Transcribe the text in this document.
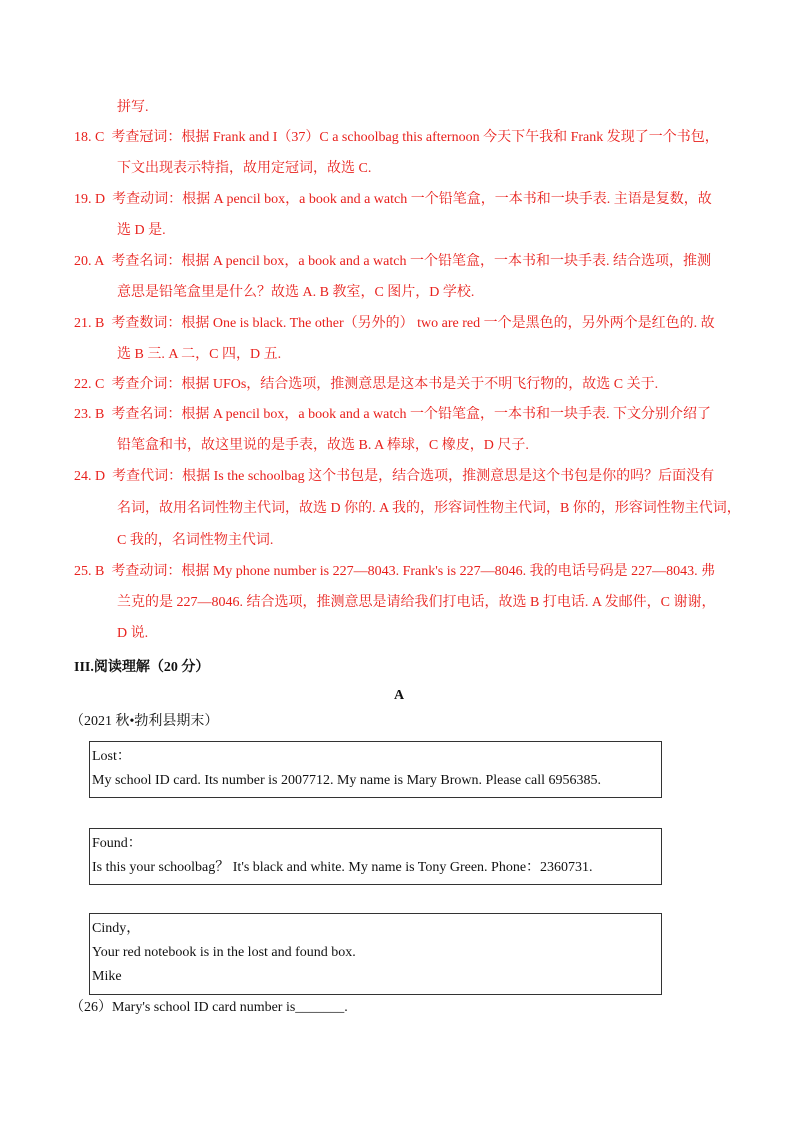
拼写.
18. C 考查冠词：根据 Frank and I（37）C a schoolbag this afternoon 今天下午我和 Frank 发现了一个书包，
下文出现表示特指，故用定冠词，故选 C.
19. D 考查动词：根据 A pencil box，a book and a watch 一个铅笔盒，一本书和一块手表. 主语是复数，故
选 D 是.
20. A 考查名词：根据 A pencil box，a book and a watch 一个铅笔盒，一本书和一块手表. 结合选项，推测
意思是铅笔盒里是什么？故选 A. B 教室，C 图片，D 学校.
21. B 考查数词：根据 One is black. The other（另外的） two are red 一个是黑色的，另外两个是红色的. 故
选 B 三. A 二，C 四，D 五.
22. C 考查介词：根据 UFOs，结合选项，推测意思是这本书是关于不明飞行物的，故选 C 关于.
23. B 考查名词：根据 A pencil box，a book and a watch 一个铅笔盒，一本书和一块手表. 下文分别介绍了
铅笔盒和书，故这里说的是手表，故选 B. A 棒球，C 橡皮，D 尺子.
24. D 考查代词：根据 Is the schoolbag 这个书包是，结合选项，推测意思是这个书包是你的吗？后面没有
名词，故用名词性物主代词，故选 D 你的. A 我的，形容词性物主代词，B 你的，形容词性物主代词，
C 我的，名词性物主代词.
25. B 考查动词：根据 My phone number is 227—8043. Frank's is 227—8046. 我的电话号码是 227—8043. 弗
兰克的是 227—8046. 结合选项，推测意思是请给我们打电话，故选 B 打电话. A 发邮件，C 谢谢，
D 说.
III.阅读理解（20 分）
A
（2021 秋•勃利县期末）
Lost：
My school ID card. Its number is 2007712. My name is Mary Brown. Please call 6956385.
Found：
Is this your schoolbag？ It's black and white. My name is Tony Green. Phone：2360731.
Cindy，
Your red notebook is in the lost and found box.
Mike
（26）Mary's school ID card number is_______.
